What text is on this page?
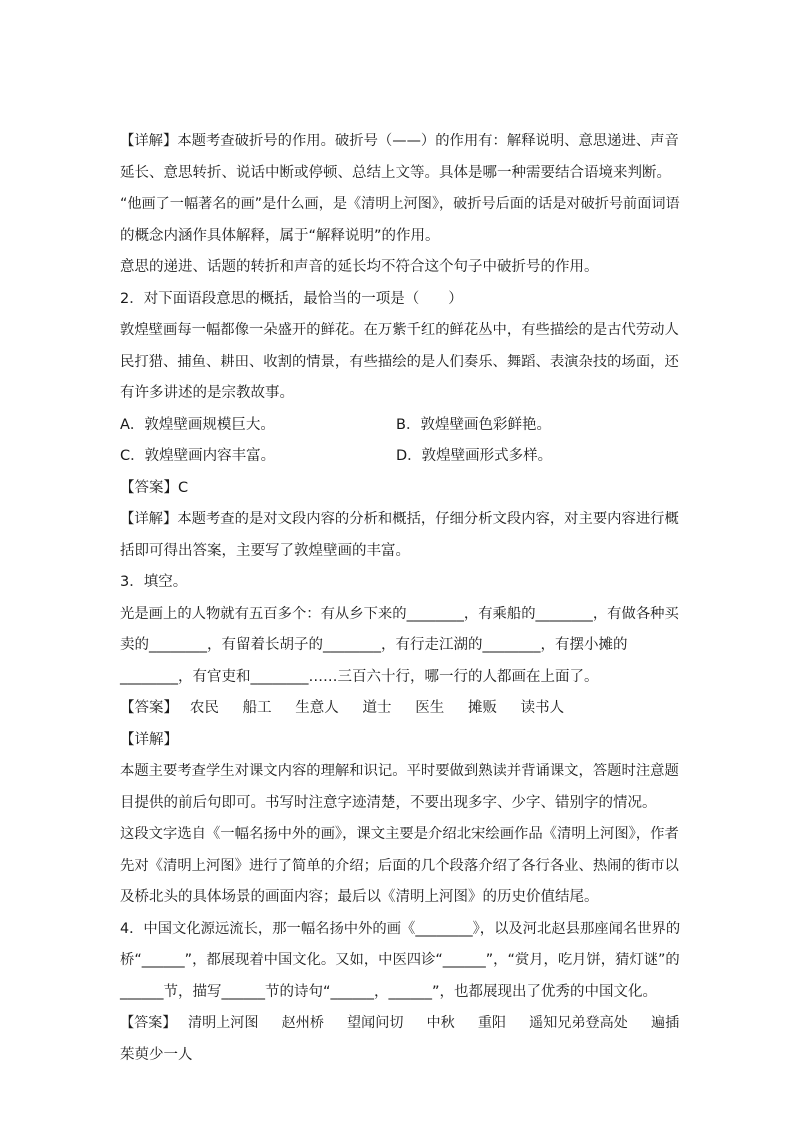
【详解】本题考查破折号的作用。破折号（——）的作用有：解释说明、意思递进、声音
延长、意思转折、说话中断或停顿、总结上文等。具体是哪一种需要结合语境来判断。
“他画了一幅著名的画”是什么画，是《清明上河图》，破折号后面的话是对破折号前面词语
的概念内涵作具体解释，属于“解释说明”的作用。
意思的递进、话题的转折和声音的延长均不符合这个句子中破折号的作用。
2．对下面语段意思的概括，最恰当的一项是（　　）
敦煌壁画每一幅都像一朵盛开的鲜花。在万紫千红的鲜花丛中，有些描绘的是古代劳动人
民打猎、捕鱼、耕田、收割的情景，有些描绘的是人们奏乐、舞蹈、表演杂技的场面，还
有许多讲述的是宗教故事。
A．敦煌壁画规模巨大。	B．敦煌壁画色彩鲜艳。
C．敦煌壁画内容丰富。	D．敦煌壁画形式多样。
【答案】C
【详解】本题考查的是对文段内容的分析和概括，仔细分析文段内容，对主要内容进行概
括即可得出答案，主要写了敦煌壁画的丰富。
3．填空。
光是画上的人物就有五百多个：有从乡下来的________，有乘船的________，有做各种买
卖的________，有留着长胡子的________，有行走江湖的________，有摆小摊的
________，有官吏和________……三百六十行，哪一行的人都画在上面了。
【答案】　 农民 　 船工 　 生意人 　 道士 　 医生 　 摊贩 　 读书人
【详解】
本题主要考查学生对课文内容的理解和识记。平时要做到熟读并背诵课文，答题时注意题
目提供的前后句即可。书写时注意字迹清楚，不要出现多字、少字、错别字的情况。
这段文字选自《一幅名扬中外的画》，课文主要是介绍北宋绘画作品《清明上河图》，作者
先对《清明上河图》进行了简单的介绍；后面的几个段落介绍了各行各业、热闹的街市以
及桥北头的具体场景的画面内容；最后以《清明上河图》的历史价值结尾。
4．中国文化源远流长，那一幅名扬中外的画《________》，以及河北赵县那座闻名世界的
桥“______”，都展现着中国文化。又如，中医四诊“______”，“赏月，吃月饼，猜灯谜”的
______节，描写______节的诗句“______，______”，也都展现出了优秀的中国文化。
【答案】　 清明上河图 　 赵州桥 　 望闻问切 　 中秋 　 重阳 　 遥知兄弟登高处 　 遍插
茱萸少一人
